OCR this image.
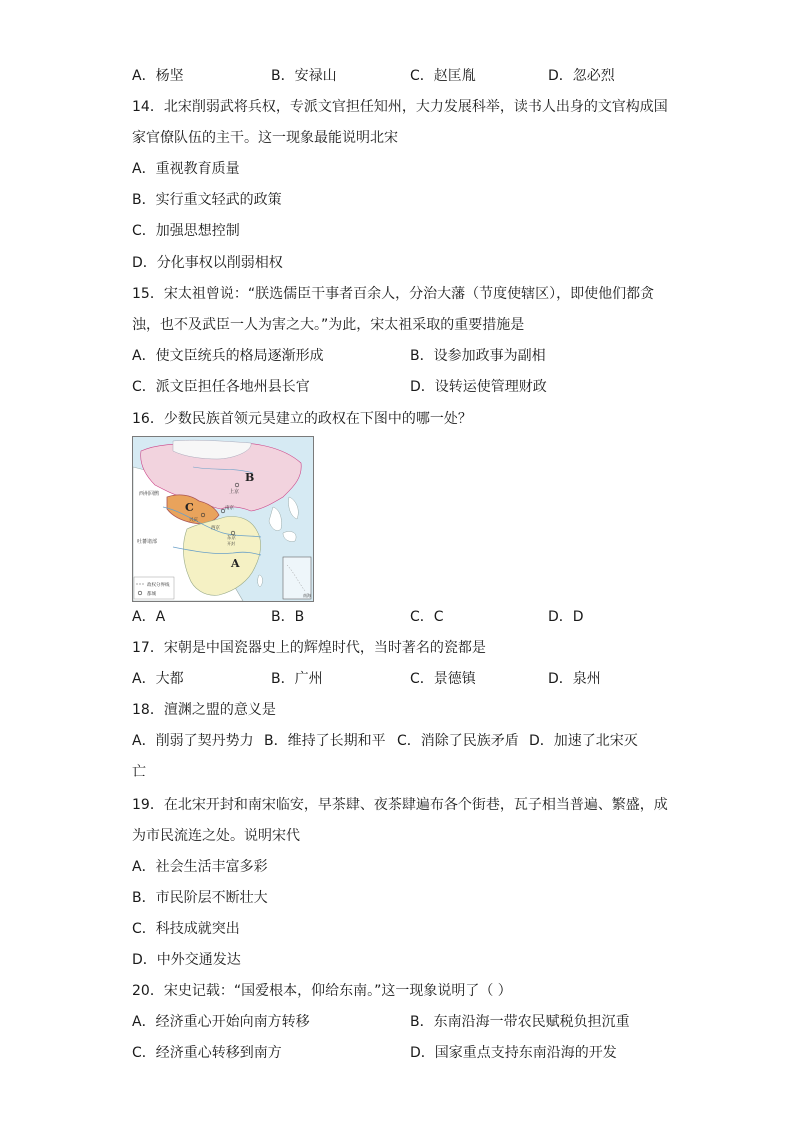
A．杨坚	B．安禄山	C．赵匡胤	D．忽必烈
14．北宋削弱武将兵权，专派文官担任知州，大力发展科举，读书人出身的文官构成国
家官僚队伍的主干。这一现象最能说明北宋
A．重视教育质量
B．实行重文轻武的政策
C．加强思想控制
D．分化事权以削弱相权
15．宋太祖曾说：“朕选儒臣干事者百余人，分治大藩（节度使辖区），即使他们都贪
浊，也不及武臣一人为害之大。”为此，宋太祖采取的重要措施是
A．使文臣统兵的格局逐渐形成	B．设参加政事为副相
C．派文臣担任各地州县长官	D．设转运使管理财政
16．少数民族首领元昊建立的政权在下图中的哪一处？
南海
B
C
A
上京
西州回鹘
吐蕃诸部
兴庆
南京
东京
开封
西京
政权分界线
都城
A．A	B．B	C．C	D．D
17．宋朝是中国瓷器史上的辉煌时代，当时著名的瓷都是
A．大都	B．广州	C．景德镇	D．泉州
18．澶渊之盟的意义是
A．削弱了契丹势力 B．维持了长期和平 C．消除了民族矛盾 D．加速了北宋灭
亡
19．在北宋开封和南宋临安，早茶肆、夜茶肆遍布各个街巷，瓦子相当普遍、繁盛，成
为市民流连之处。说明宋代
A．社会生活丰富多彩
B．市民阶层不断壮大
C．科技成就突出
D．中外交通发达
20．宋史记载：“国爱根本，仰给东南。”这一现象说明了（ ）
A．经济重心开始向南方转移	B．东南沿海一带农民赋税负担沉重
C．经济重心转移到南方	D．国家重点支持东南沿海的开发
